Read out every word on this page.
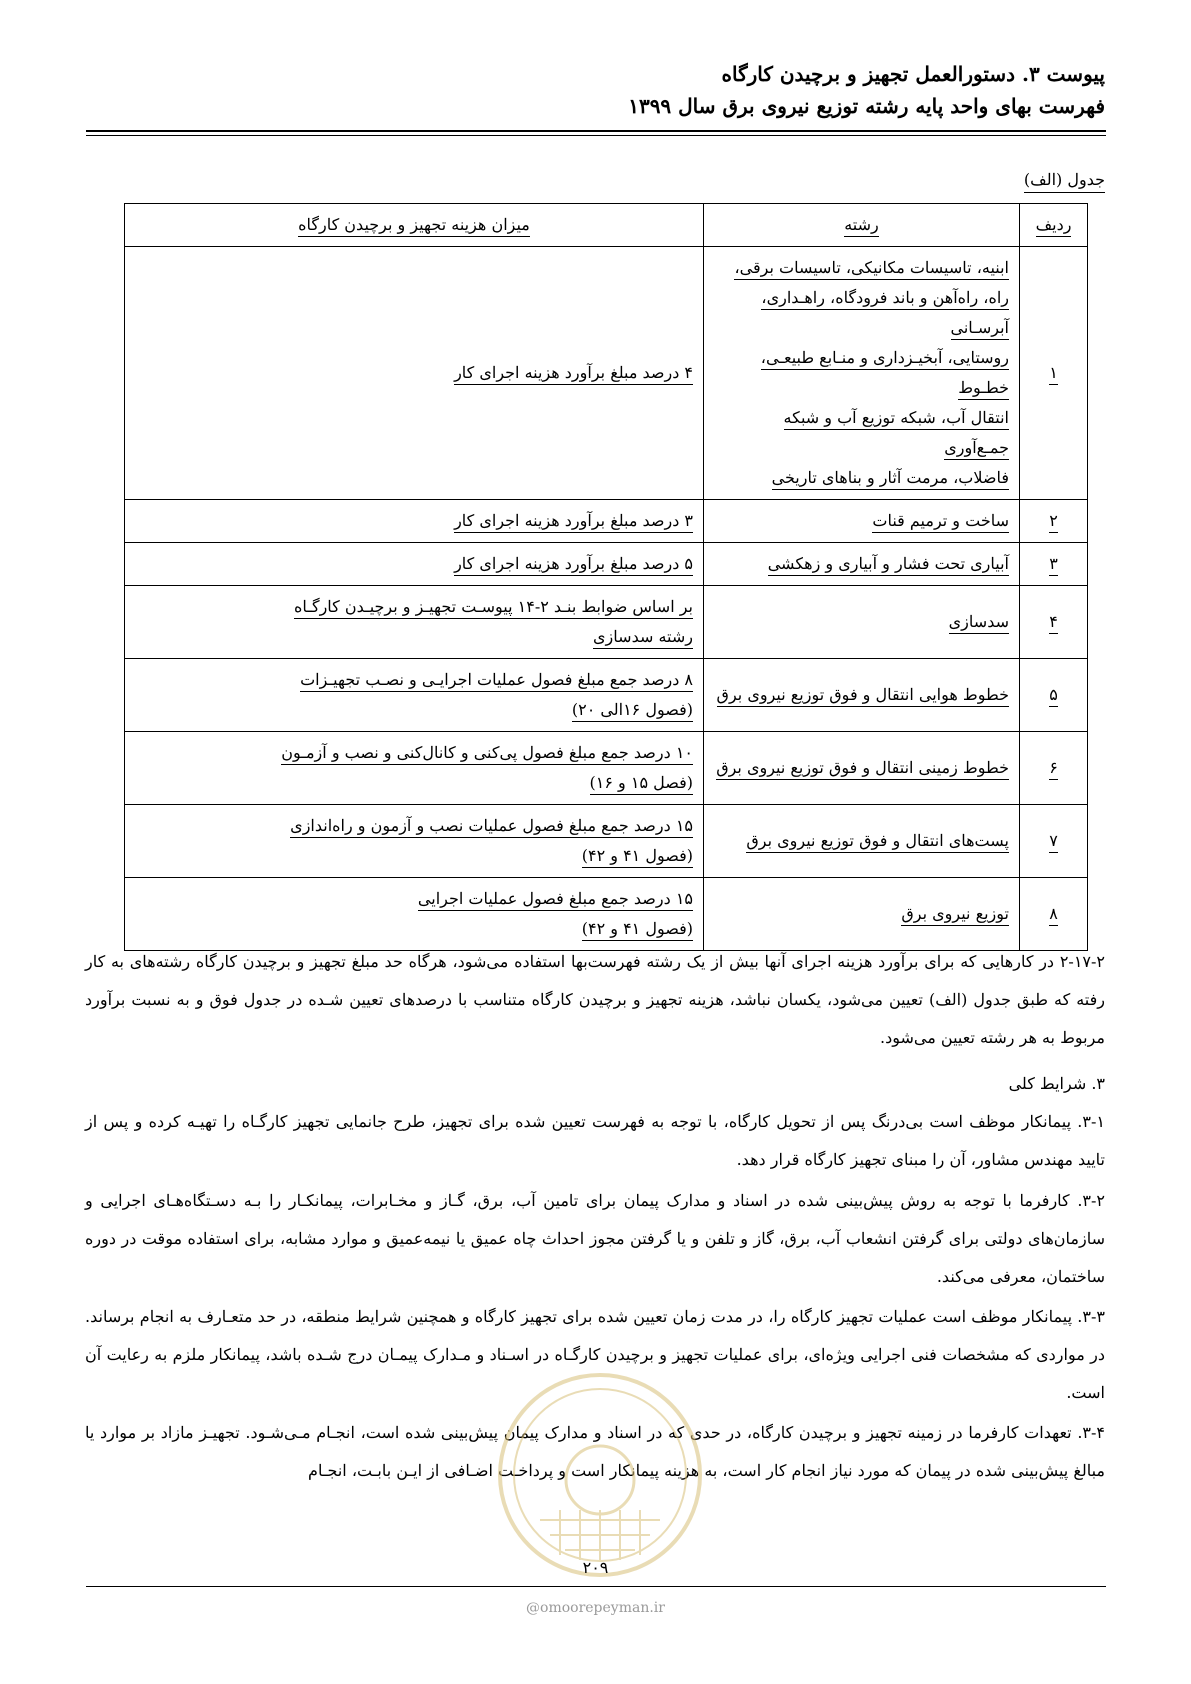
پیوست ۳. دستورالعمل تجهیز و برچیدن کارگاه
فهرست بهای واحد پایه رشته توزیع نیروی برق سال ۱۳۹۹
جدول (الف)
ردیف	رشته	میزان هزینه تجهیز و برچیدن کارگاه
۱	ابنیه، تاسیسات مکانیکی، تاسیسات برقی،
راه، راه‌آهن و باند فرودگاه، راهـداری، آبرسـانی
روستایی، آبخیـزداری و منـابع طبیعـی، خطـوط
انتقال آب، شبکه توزیع آب و شبکه جمـع‌آوری
فاضلاب، مرمت آثار و بناهای تاریخی	۴ درصد مبلغ برآورد هزینه اجرای کار
۲	ساخت و ترمیم قنات	۳ درصد مبلغ برآورد هزینه اجرای کار
۳	آبیاری تحت فشار و آبیاری و زهکشی	۵ درصد مبلغ برآورد هزینه اجرای کار
۴	سدسازی	بر اساس ضوابط بنـد ۲-۱۴ پیوسـت تجهیـز و برچیـدن کارگـاه
رشته سدسازی

۵	خطوط هوایی انتقال و فوق توزیع نیروی برق	۸ درصد جمع مبلغ فصول عملیات اجرایـی و نصـب تجهیـزات
(فصول ۱۶الی ۲۰)

۶	خطوط زمینی انتقال و فوق توزیع نیروی برق	۱۰ درصد جمع مبلغ فصول پی‌کنی و کانال‌کنی و نصب و آزمـون
(فصل ۱۵ و ۱۶)

۷	پست‌های انتقال و فوق توزیع نیروی برق	۱۵ درصد جمع مبلغ فصول عملیات نصب و آزمون و راه‌اندازی
(فصول ۴۱ و ۴۲)

۸	توزیع نیروی برق	۱۵ درصد جمع مبلغ فصول عملیات اجرایی
(فصول ۴۱ و ۴۲)
۲-۱۷-۲ در کارهایی که برای برآورد هزینه اجرای آنها بیش از یک رشته فهرست‌بها استفاده می‌شود، هرگاه حد مبلغ تجهیز و برچیدن کارگاه رشته‌های به کار رفته که طبق جدول (الف) تعیین می‌شود، یکسان نباشد، هزینه تجهیز و برچیدن کارگاه متناسب با درصدهای تعیین شـده در جدول فوق و به نسبت برآورد مربوط به هر رشته تعیین می‌شود.
۳. شرایط کلی
۳-۱. پیمانکار موظف است بی‌درنگ پس از تحویل کارگاه، با توجه به فهرست تعیین شده برای تجهیز، طرح جانمایی تجهیز کارگـاه را تهیـه کرده و پس از تایید مهندس مشاور، آن را مبنای تجهیز کارگاه قرار دهد.
۳-۲. کارفرما با توجه به روش پیش‌بینی شده در اسناد و مدارک پیمان برای تامین آب، برق، گـاز و مخـابرات، پیمانکـار را بـه دسـتگاه‌هـای اجرایی و سازمان‌های دولتی برای گرفتن انشعاب آب، برق، گاز و تلفن و یا گرفتن مجوز احداث چاه عمیق یا نیمه‌عمیق و موارد مشابه، برای استفاده موقت در دوره ساختمان، معرفی می‌کند.
۳-۳. پیمانکار موظف است عملیات تجهیز کارگاه را، در مدت زمان تعیین شده برای تجهیز کارگاه و همچنین شرایط منطقه، در حد متعـارف به انجام برساند. در مواردی که مشخصات فنی اجرایی ویژه‌ای، برای عملیات تجهیز و برچیدن کارگـاه در اسـناد و مـدارک پیمـان درج شـده باشد، پیمانکار ملزم به رعایت آن است.
۳-۴. تعهدات کارفرما در زمینه تجهیز و برچیدن کارگاه، در حدی که در اسناد و مدارک پیمان پیش‌بینی شده است، انجـام مـی‌شـود. تجهیـز مازاد بر موارد یا مبالغ پیش‌بینی شده در پیمان که مورد نیاز انجام کار است، به هزینه پیمانکار است و پرداخـت اضـافی از ایـن بابـت، انجـام
۲۰۹
@omoorepeyman.ir
